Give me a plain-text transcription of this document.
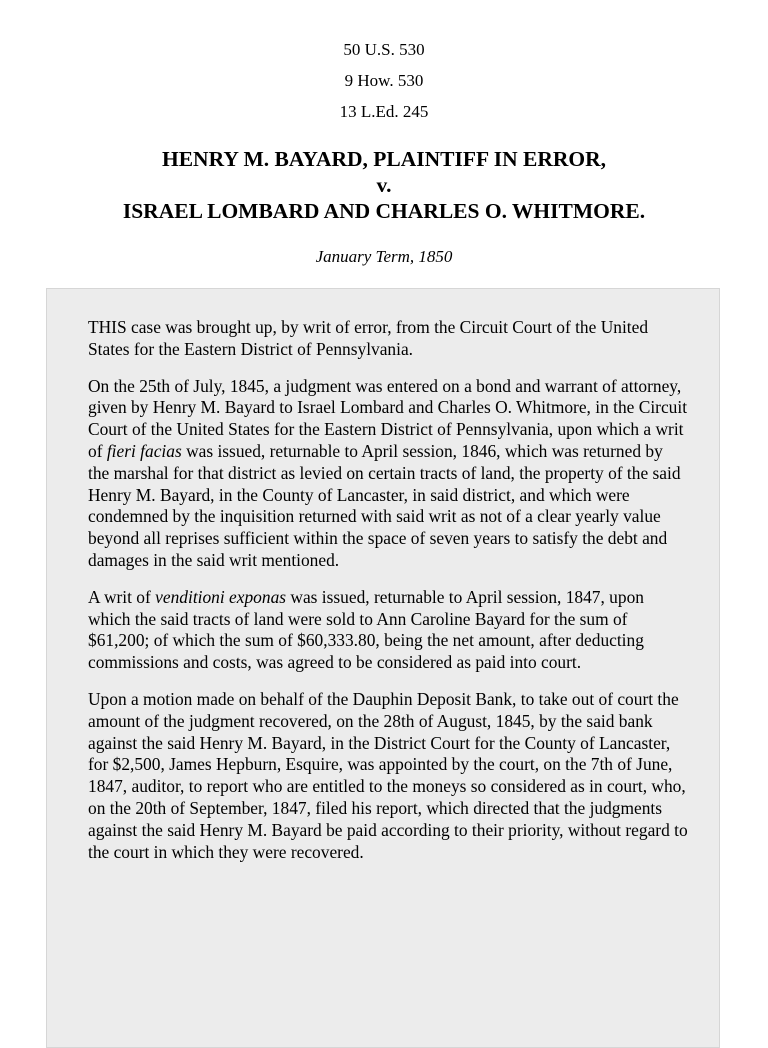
50 U.S. 530
9 How. 530
13 L.Ed. 245
HENRY M. BAYARD, PLAINTIFF IN ERROR,
v.
ISRAEL LOMBARD AND CHARLES O. WHITMORE.
January Term, 1850

THIS case was brought up, by writ of error, from the Circuit Court of the United States for the Eastern District of Pennsylvania.

On the 25th of July, 1845, a judgment was entered on a bond and warrant of attorney, given by Henry M. Bayard to Israel Lombard and Charles O. Whitmore, in the Circuit Court of the United States for the Eastern District of Pennsylvania, upon which a writ of fieri facias was issued, returnable to April session, 1846, which was returned by the marshal for that district as levied on certain tracts of land, the property of the said Henry M. Bayard, in the County of Lancaster, in said district, and which were condemned by the inquisition returned with said writ as not of a clear yearly value beyond all reprises sufficient within the space of seven years to satisfy the debt and damages in the said writ mentioned.

A writ of venditioni exponas was issued, returnable to April session, 1847, upon which the said tracts of land were sold to Ann Caroline Bayard for the sum of $61,200; of which the sum of $60,333.80, being the net amount, after deducting commissions and costs, was agreed to be considered as paid into court.

Upon a motion made on behalf of the Dauphin Deposit Bank, to take out of court the amount of the judgment recovered, on the 28th of August, 1845, by the said bank against the said Henry M. Bayard, in the District Court for the County of Lancaster, for $2,500, James Hepburn, Esquire, was appointed by the court, on the 7th of June, 1847, auditor, to report who are entitled to the moneys so considered as in court, who, on the 20th of September, 1847, filed his report, which directed that the judgments against the said Henry M. Bayard be paid according to their priority, without regard to the court in which they were recovered.
